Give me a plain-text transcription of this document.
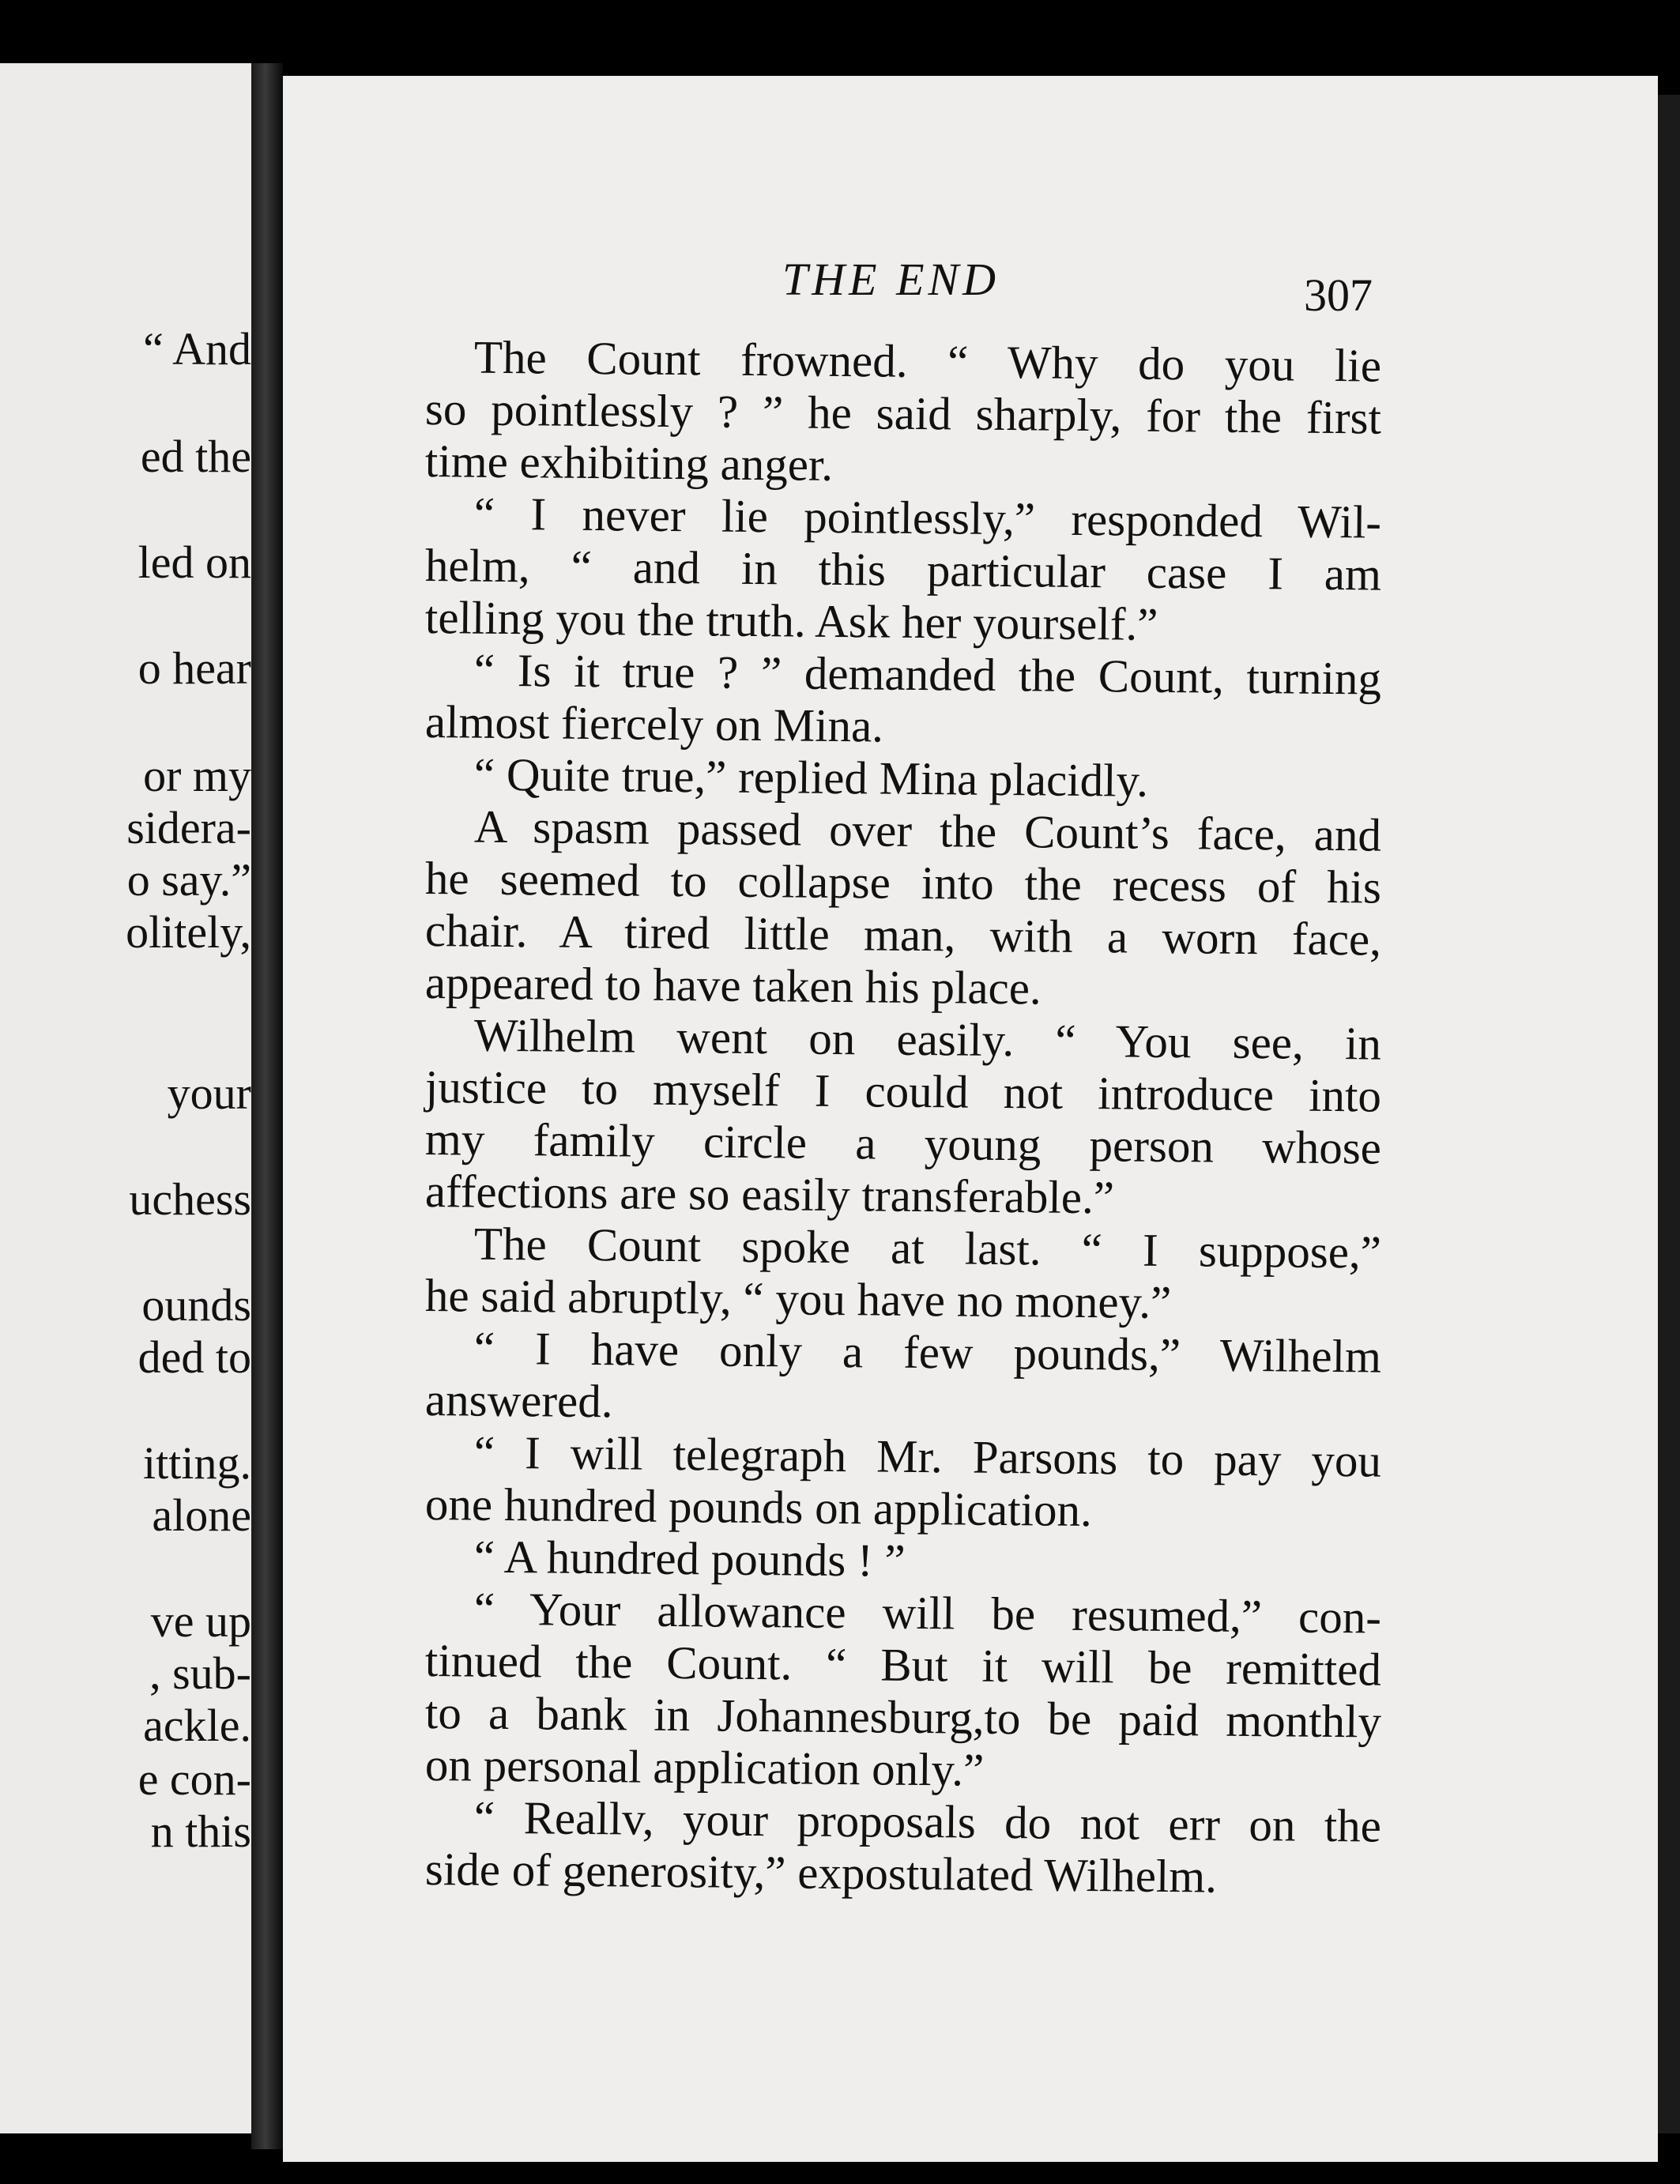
“ And
ed the
led on
o hear
or my
sidera-
o say.”
olitely,
your
uchess
ounds
ded to
itting.
alone
ve up
, sub-
ackle.
e con-
n this
THE END	307
The Count frowned. “ Why do you lie
so pointlessly ? ” he said sharply, for the first
time exhibiting anger.
“ I never lie pointlessly,” responded Wil-
helm, “ and in this particular case I am
telling you the truth. Ask her yourself.”
“ Is it true ? ” demanded the Count, turning
almost fiercely on Mina.
“ Quite true,” replied Mina placidly.
A spasm passed over the Count’s face, and
he seemed to collapse into the recess of his
chair. A tired little man, with a worn face,
appeared to have taken his place.
Wilhelm went on easily. “ You see, in
justice to myself I could not introduce into
my family circle a young person whose
affections are so easily transferable.”
The Count spoke at last. “ I suppose,”
he said abruptly, “ you have no money.”
“ I have only a few pounds,” Wilhelm
answered.
“ I will telegraph Mr. Parsons to pay you
one hundred pounds on application.
“ A hundred pounds ! ”
“ Your allowance will be resumed,” con-
tinued the Count. “ But it will be remitted
to a bank in Johannesburg,to be paid monthly
on personal application only.”
“ Reallv, your proposals do not err on the
side of generosity,” expostulated Wilhelm.
